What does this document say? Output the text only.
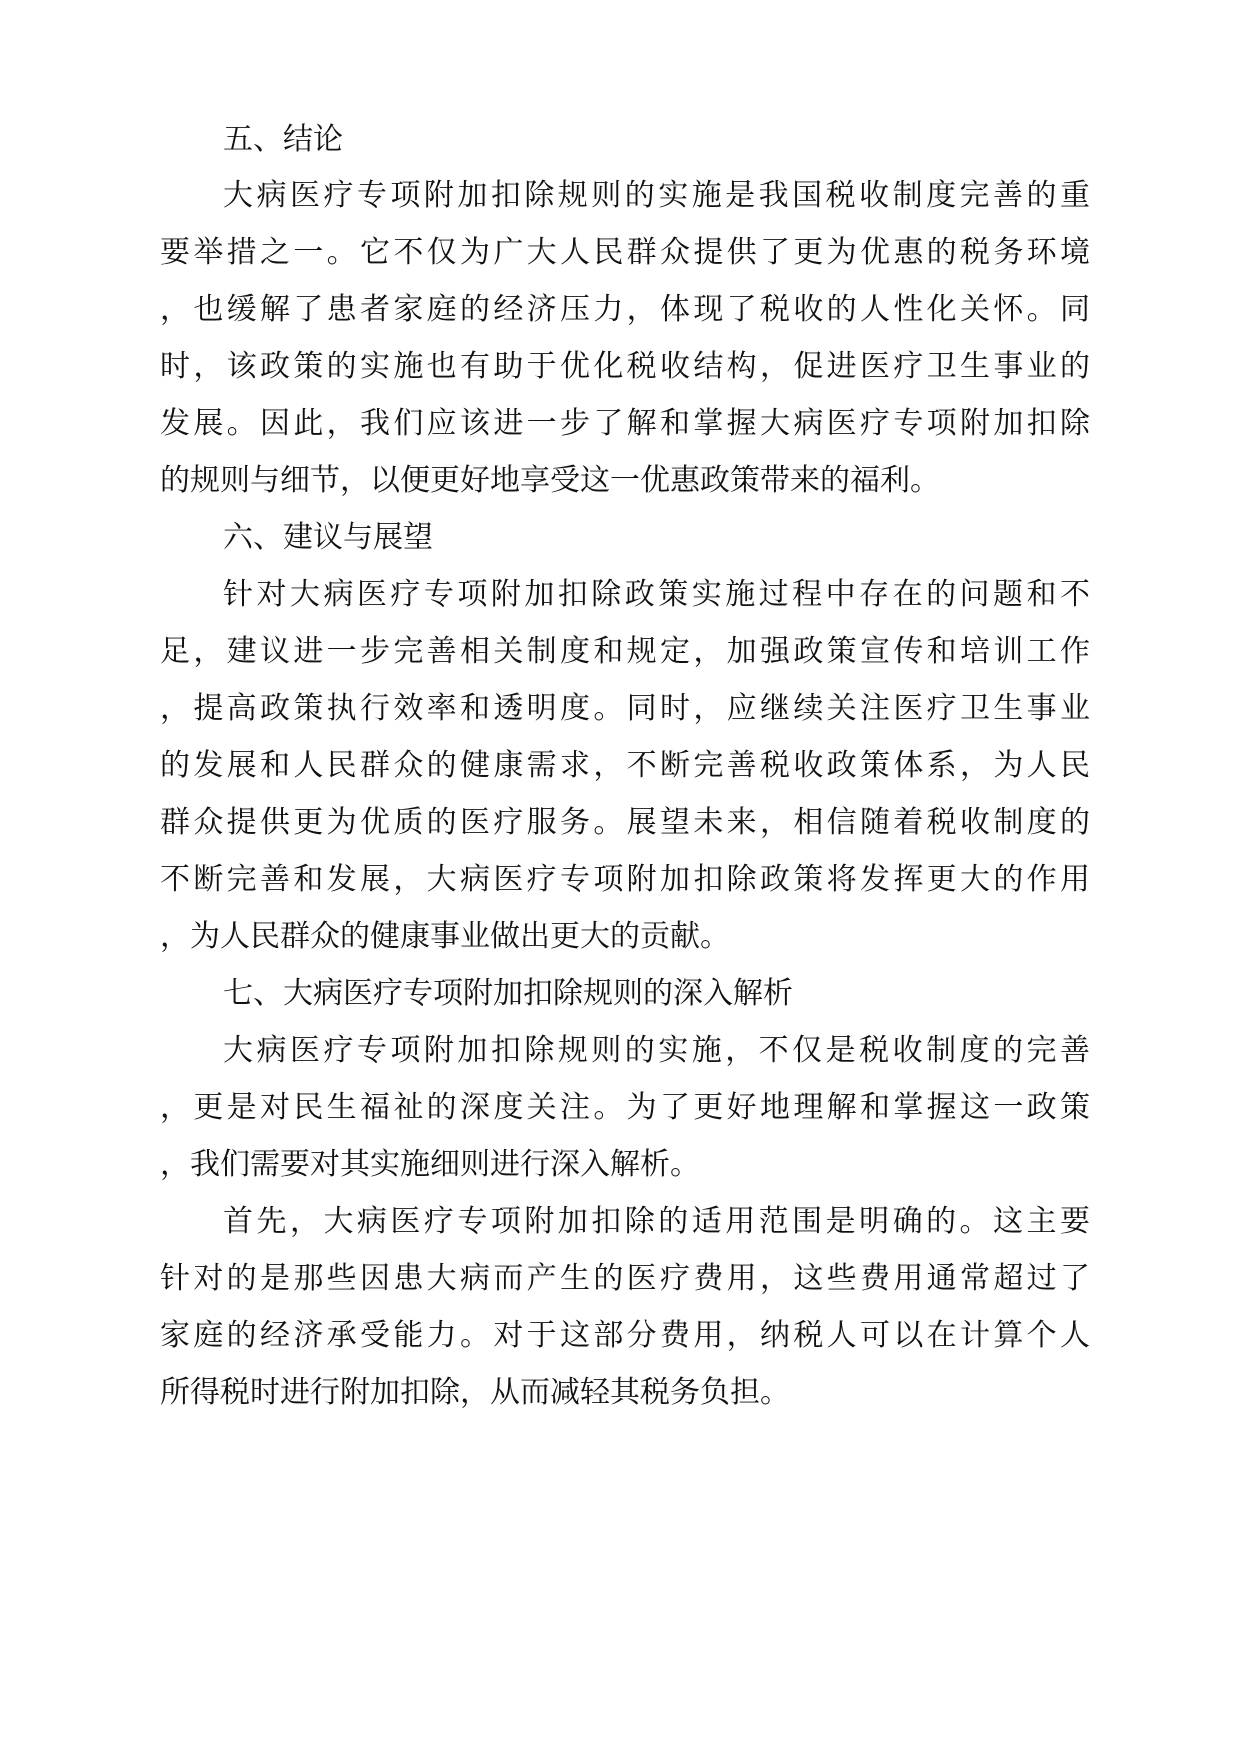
五、结论
大病医疗专项附加扣除规则的实施是我国税收制度完善的重
要举措之一。它不仅为广大人民群众提供了更为优惠的税务环境
，也缓解了患者家庭的经济压力，体现了税收的人性化关怀。同
时，该政策的实施也有助于优化税收结构，促进医疗卫生事业的
发展。因此，我们应该进一步了解和掌握大病医疗专项附加扣除
的规则与细节，以便更好地享受这一优惠政策带来的福利。
六、建议与展望
针对大病医疗专项附加扣除政策实施过程中存在的问题和不
足，建议进一步完善相关制度和规定，加强政策宣传和培训工作
，提高政策执行效率和透明度。同时，应继续关注医疗卫生事业
的发展和人民群众的健康需求，不断完善税收政策体系，为人民
群众提供更为优质的医疗服务。展望未来，相信随着税收制度的
不断完善和发展，大病医疗专项附加扣除政策将发挥更大的作用
，为人民群众的健康事业做出更大的贡献。
七、大病医疗专项附加扣除规则的深入解析
大病医疗专项附加扣除规则的实施，不仅是税收制度的完善
，更是对民生福祉的深度关注。为了更好地理解和掌握这一政策
，我们需要对其实施细则进行深入解析。
首先，大病医疗专项附加扣除的适用范围是明确的。这主要
针对的是那些因患大病而产生的医疗费用，这些费用通常超过了
家庭的经济承受能力。对于这部分费用，纳税人可以在计算个人
所得税时进行附加扣除，从而减轻其税务负担。
